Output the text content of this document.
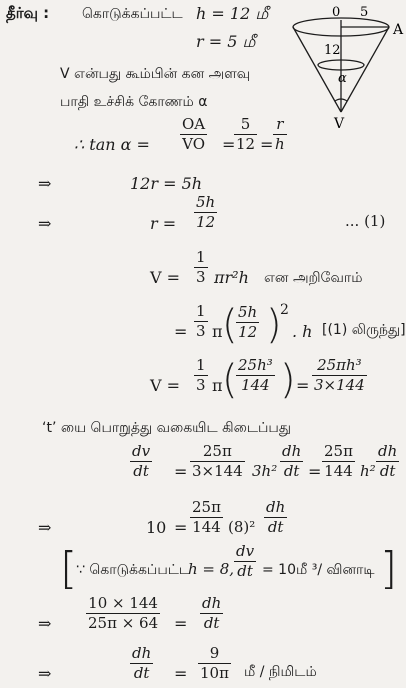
தீர்வு : கொடுக்கப்பட்ட h = 12 மீ
r = 5 மீ
V என்பது கூம்பின் கன அளவு
பாதி உச்சிக் கோணம் α
0 5
A
12
α
V
∴ $\tan \alpha = \frac{OA}{VO}$ =
$\frac{5}{12} = \frac{r}{h}$
⇒	12r = 5h
⇒	$r = \frac{5h}{12}$	... (1)
$V = \frac{1}{3} \pi r^2h$ என அறிவோம்
= $\frac{1}{3}$ π (
$\frac{5h}{12}$ )
2
. h [(1) லிருந்து]
$V = \frac{1}{3}$ π (
$\frac{\text{25h³}}{144}$ ) = $\frac{\text{25πh³}}{3\times 144}$
‘t’ யை பொறுத்து வகையிட கிடைப்பது
$\frac{dv}{dt} = \frac{25\pi}{3\times 144} 3h^2 \frac{dh}{dt} = \frac{25\pi}{144} h^2 \frac{dh}{dt}$
⇒	$10 = \frac{25\pi}{144} (8)^2 \frac{dh}{dt}$
[
∵ கொடுக்கப்பட்ட
h = 8, $\frac{dv}{dt}$ = 10மீ ³/ வினாடி ]
⇒ $\frac{10 \times 144}{25\pi \times 64} = \frac{dh}{dt}$
⇒	$\frac{dh}{dt} = \frac{9}{10\pi}$ மீ / நிமிடம்
